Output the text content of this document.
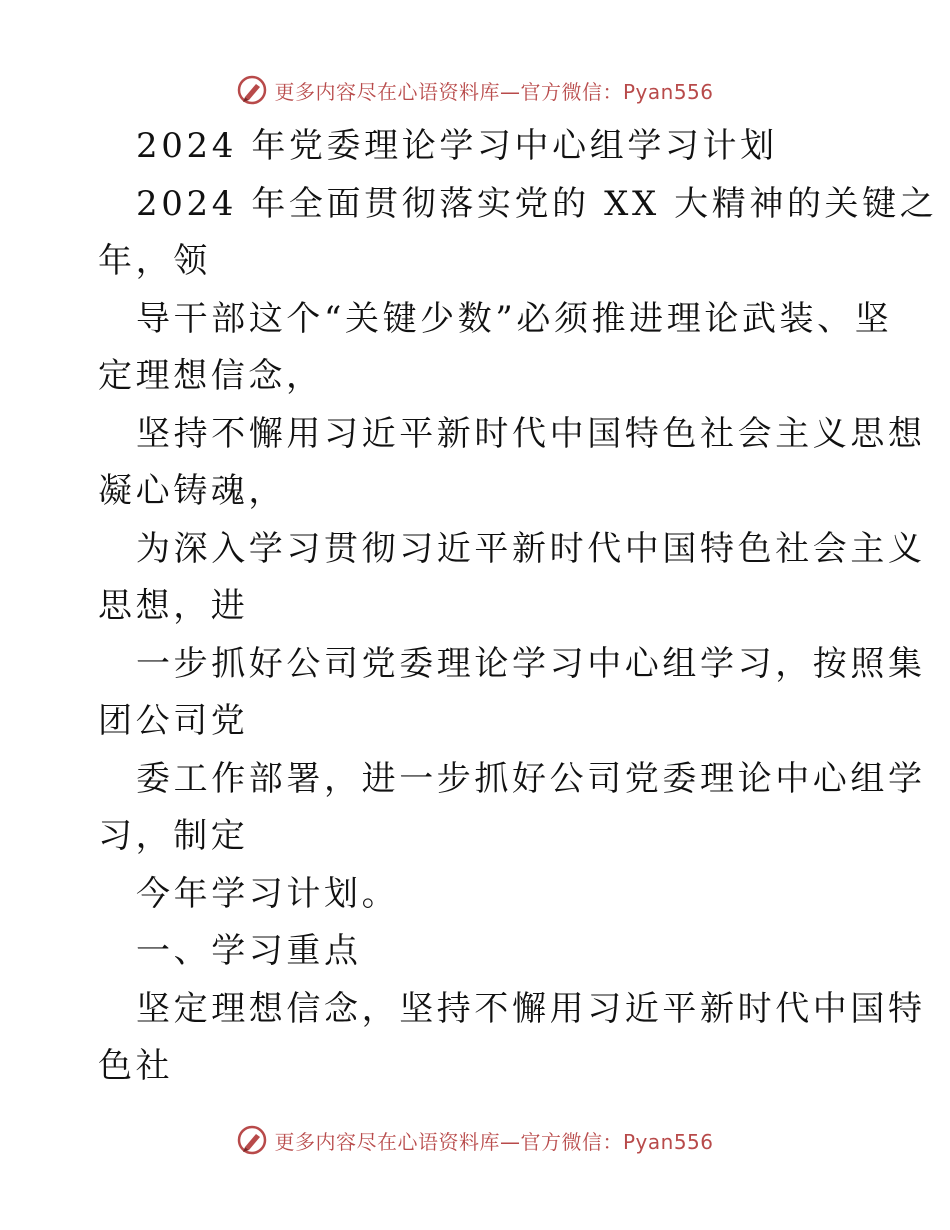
更多内容尽在心语资料库—官方微信：Pyan556
2024 年党委理论学习中心组学习计划
2024 年全面贯彻落实党的 XX 大精神的关键之
年，领
导干部这个“关键少数”必须推进理论武装、坚
定理想信念，
坚持不懈用习近平新时代中国特色社会主义思想
凝心铸魂，
为深入学习贯彻习近平新时代中国特色社会主义
思想，进
一步抓好公司党委理论学习中心组学习，按照集
团公司党
委工作部署，进一步抓好公司党委理论中心组学
习，制定
今年学习计划。
一、学习重点
坚定理想信念，坚持不懈用习近平新时代中国特
色社
更多内容尽在心语资料库—官方微信：Pyan556
